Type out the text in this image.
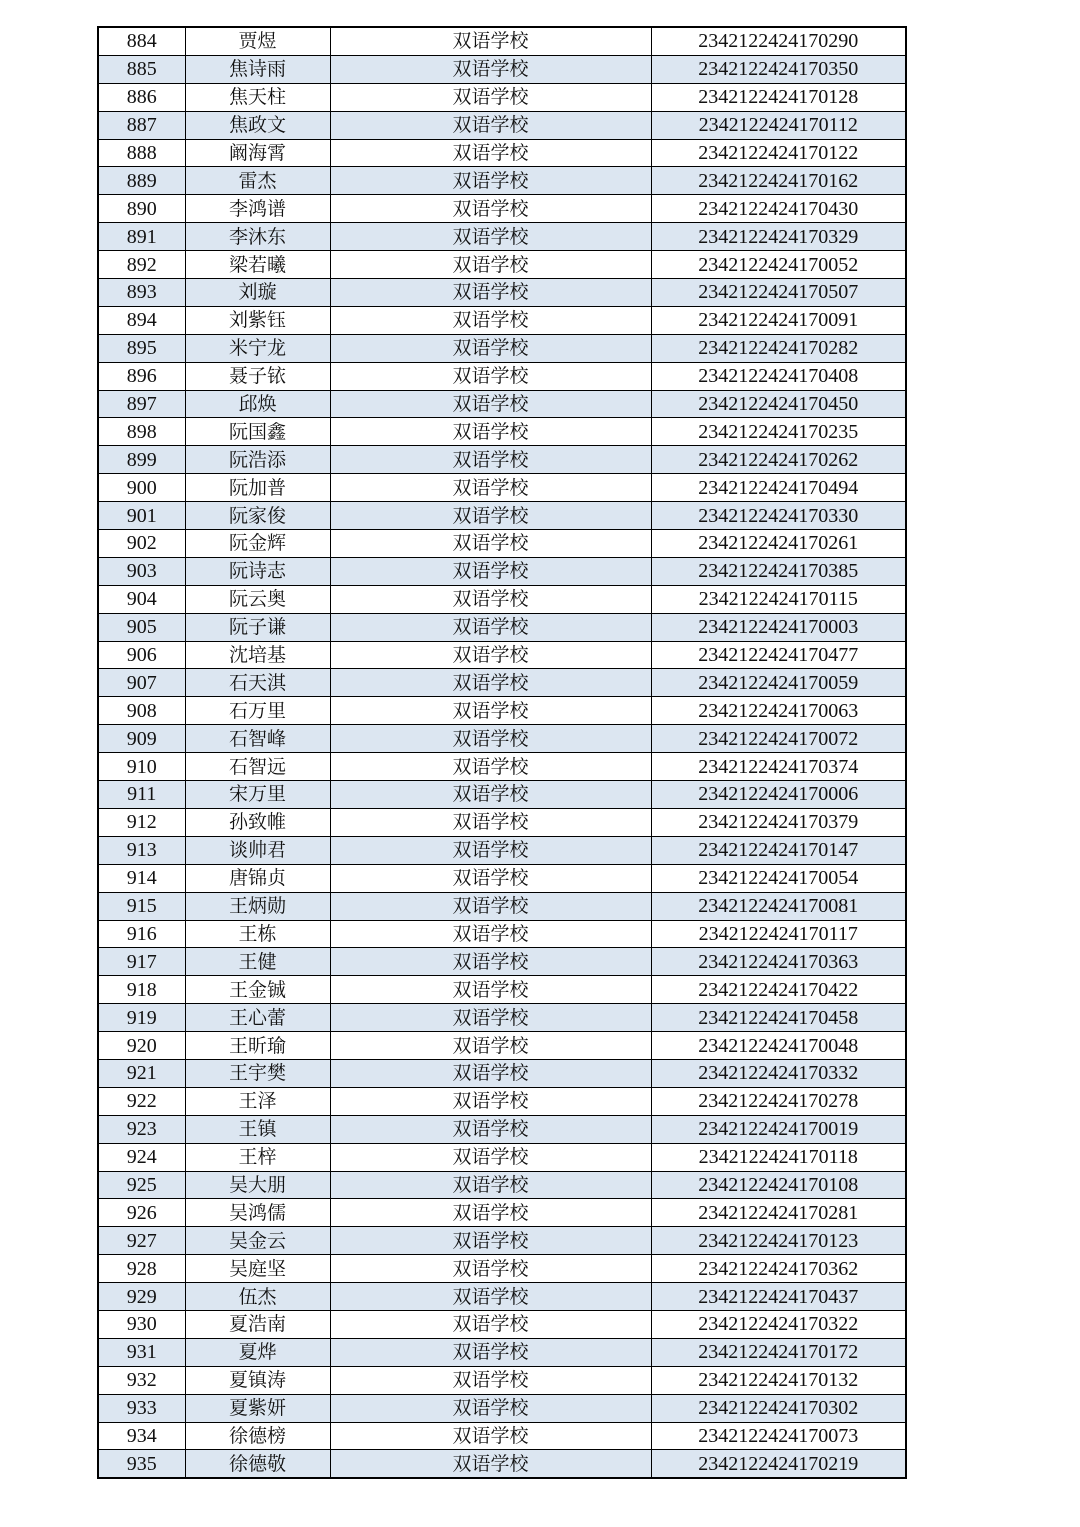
884	贾煜	双语学校	2342122424170290
885	焦诗雨	双语学校	2342122424170350
886	焦天柱	双语学校	2342122424170128
887	焦政文	双语学校	2342122424170112
888	阚海霄	双语学校	2342122424170122
889	雷杰	双语学校	2342122424170162
890	李鸿谱	双语学校	2342122424170430
891	李沐东	双语学校	2342122424170329
892	梁若曦	双语学校	2342122424170052
893	刘璇	双语学校	2342122424170507
894	刘紫钰	双语学校	2342122424170091
895	米宁龙	双语学校	2342122424170282
896	聂子铱	双语学校	2342122424170408
897	邱焕	双语学校	2342122424170450
898	阮国鑫	双语学校	2342122424170235
899	阮浩添	双语学校	2342122424170262
900	阮加普	双语学校	2342122424170494
901	阮家俊	双语学校	2342122424170330
902	阮金辉	双语学校	2342122424170261
903	阮诗志	双语学校	2342122424170385
904	阮云奥	双语学校	2342122424170115
905	阮子谦	双语学校	2342122424170003
906	沈培基	双语学校	2342122424170477
907	石天淇	双语学校	2342122424170059
908	石万里	双语学校	2342122424170063
909	石智峰	双语学校	2342122424170072
910	石智远	双语学校	2342122424170374
911	宋万里	双语学校	2342122424170006
912	孙致帷	双语学校	2342122424170379
913	谈帅君	双语学校	2342122424170147
914	唐锦贞	双语学校	2342122424170054
915	王炳勋	双语学校	2342122424170081
916	王栋	双语学校	2342122424170117
917	王健	双语学校	2342122424170363
918	王金铖	双语学校	2342122424170422
919	王心蕾	双语学校	2342122424170458
920	王昕瑜	双语学校	2342122424170048
921	王宇樊	双语学校	2342122424170332
922	王泽	双语学校	2342122424170278
923	王镇	双语学校	2342122424170019
924	王梓	双语学校	2342122424170118
925	吴大朋	双语学校	2342122424170108
926	吴鸿儒	双语学校	2342122424170281
927	吴金云	双语学校	2342122424170123
928	吴庭坚	双语学校	2342122424170362
929	伍杰	双语学校	2342122424170437
930	夏浩南	双语学校	2342122424170322
931	夏烨	双语学校	2342122424170172
932	夏镇涛	双语学校	2342122424170132
933	夏紫妍	双语学校	2342122424170302
934	徐德榜	双语学校	2342122424170073
935	徐德敬	双语学校	2342122424170219
